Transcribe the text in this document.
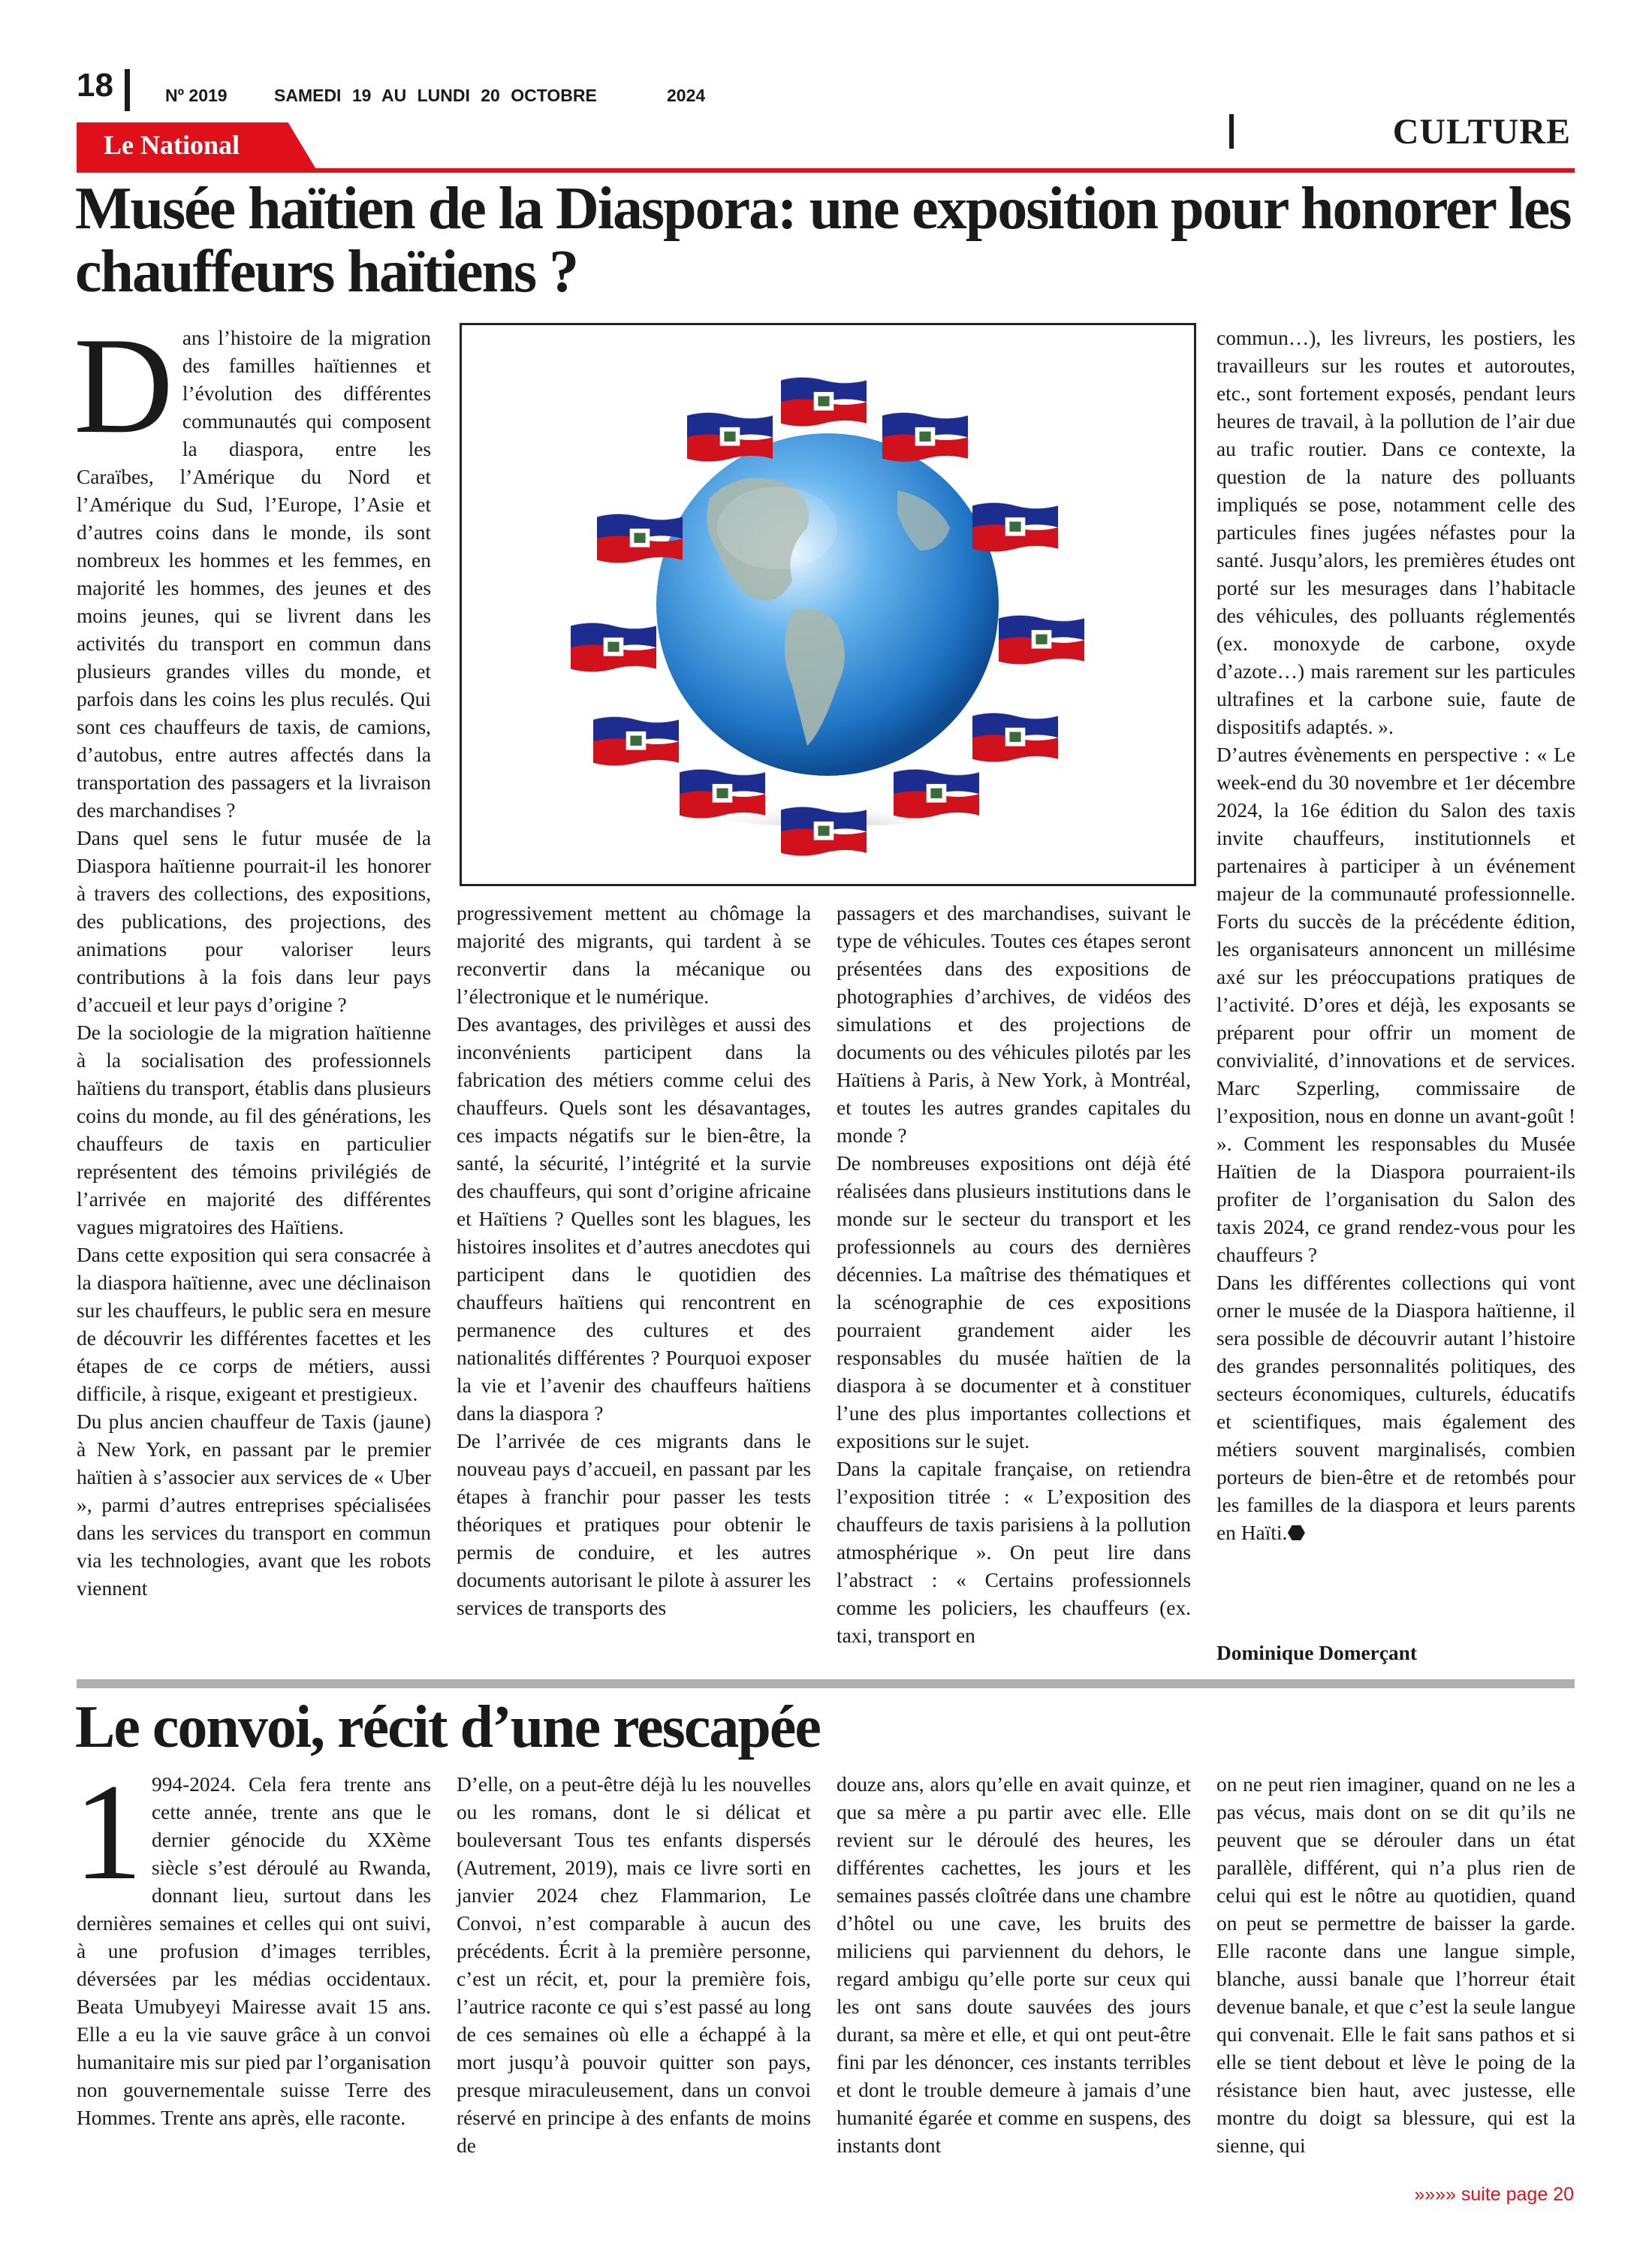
18	Nº 2019	SAMEDI 19 AU LUNDI 20 OCTOBRE	2024
CULTURE
Le National
Musée haïtien de la Diaspora: une exposition pour honorer les chauffeurs haïtiens ?
D ans l’histoire de la migration des familles haïtiennes et l’évolution des différentes communautés qui composent la diaspora, entre les Caraïbes, l’Amérique du Nord et l’Amérique du Sud, l’Europe, l’Asie et d’autres coins dans le monde, ils sont nombreux les hommes et les femmes, en majorité les hommes, des jeunes et des moins jeunes, qui se livrent dans les activités du transport en commun dans plusieurs grandes villes du monde, et parfois dans les coins les plus reculés. Qui sont ces chauffeurs de taxis, de camions, d’autobus, entre autres affectés dans la transportation des passagers et la livraison des marchandises ?

Dans quel sens le futur musée de la Diaspora haïtienne pourrait-il les honorer à travers des collections, des expositions, des publications, des projections, des animations pour valoriser leurs contributions à la fois dans leur pays d’accueil et leur pays d’origine ?

De la sociologie de la migration haïtienne à la socialisation des professionnels haïtiens du transport, établis dans plusieurs coins du monde, au fil des générations, les chauffeurs de taxis en particulier représentent des témoins privilégiés de l’arrivée en majorité des différentes vagues migratoires des Haïtiens.

Dans cette exposition qui sera consacrée à la diaspora haïtienne, avec une déclinaison sur les chauffeurs, le public sera en mesure de découvrir les différentes facettes et les étapes de ce corps de métiers, aussi difficile, à risque, exigeant et prestigieux.

Du plus ancien chauffeur de Taxis (jaune) à New York, en passant par le premier haïtien à s’associer aux services de « Uber », parmi d’autres entreprises spécialisées dans les services du transport en commun via les technologies, avant que les robots viennent

progressivement mettent au chômage la majorité des migrants, qui tardent à se reconvertir dans la mécanique ou l’électronique et le numérique.

Des avantages, des privilèges et aussi des inconvénients participent dans la fabrication des métiers comme celui des chauffeurs. Quels sont les désavantages, ces impacts négatifs sur le bien-être, la santé, la sécurité, l’intégrité et la survie des chauffeurs, qui sont d’origine africaine et Haïtiens ? Quelles sont les blagues, les histoires insolites et d’autres anecdotes qui participent dans le quotidien des chauffeurs haïtiens qui rencontrent en permanence des cultures et des nationalités différentes ? Pourquoi exposer la vie et l’avenir des chauffeurs haïtiens dans la diaspora ?

De l’arrivée de ces migrants dans le nouveau pays d’accueil, en passant par les étapes à franchir pour passer les tests théoriques et pratiques pour obtenir le permis de conduire, et les autres documents autorisant le pilote à assurer les services de transports des

passagers et des marchandises, suivant le type de véhicules. Toutes ces étapes seront présentées dans des expositions de photographies d’archives, de vidéos des simulations et des projections de documents ou des véhicules pilotés par les Haïtiens à Paris, à New York, à Montréal, et toutes les autres grandes capitales du monde ?

De nombreuses expositions ont déjà été réalisées dans plusieurs institutions dans le monde sur le secteur du transport et les professionnels au cours des dernières décennies. La maîtrise des thématiques et la scénographie de ces expositions pourraient grandement aider les responsables du musée haïtien de la diaspora à se documenter et à constituer l’une des plus importantes collections et expositions sur le sujet.

Dans la capitale française, on retiendra l’exposition titrée : « L’exposition des chauffeurs de taxis parisiens à la pollution atmosphérique ». On peut lire dans l’abstract : « Certains professionnels comme les policiers, les chauffeurs (ex. taxi, transport en

commun…), les livreurs, les postiers, les travailleurs sur les routes et autoroutes, etc., sont fortement exposés, pendant leurs heures de travail, à la pollution de l’air due au trafic routier. Dans ce contexte, la question de la nature des polluants impliqués se pose, notamment celle des particules fines jugées néfastes pour la santé. Jusqu’alors, les premières études ont porté sur les mesurages dans l’habitacle des véhicules, des polluants réglementés (ex. monoxyde de carbone, oxyde d’azote…) mais rarement sur les particules ultrafines et la carbone suie, faute de dispositifs adaptés. ».

D’autres évènements en perspective : « Le week-end du 30 novembre et 1er décembre 2024, la 16e édition du Salon des taxis invite chauffeurs, institutionnels et partenaires à participer à un événement majeur de la communauté professionnelle. Forts du succès de la précédente édition, les organisateurs annoncent un millésime axé sur les préoccupations pratiques de l’activité. D’ores et déjà, les exposants se préparent pour offrir un moment de convivialité, d’innovations et de services. Marc Szperling, commissaire de l’exposition, nous en donne un avant-goût ! ». Comment les responsables du Musée Haïtien de la Diaspora pourraient-ils profiter de l’organisation du Salon des taxis 2024, ce grand rendez-vous pour les chauffeurs ?

Dans les différentes collections qui vont orner le musée de la Diaspora haïtienne, il sera possible de découvrir autant l’histoire des grandes personnalités politiques, des secteurs économiques, culturels, éducatifs et scientifiques, mais également des métiers souvent marginalisés, combien porteurs de bien-être et de retombés pour les familles de la diaspora et leurs parents en Haïti.⬣

Dominique Domerçant
Le convoi, récit d’une rescapée
1 994-2024. Cela fera trente ans cette année, trente ans que le dernier génocide du XXème siècle s’est déroulé au Rwanda, donnant lieu, surtout dans les dernières semaines et celles qui ont suivi, à une profusion d’images terribles, déversées par les médias occidentaux. Beata Umubyeyi Mairesse avait 15 ans. Elle a eu la vie sauve grâce à un convoi humanitaire mis sur pied par l’organisation non gouvernementale suisse Terre des Hommes. Trente ans après, elle raconte.

D’elle, on a peut-être déjà lu les nouvelles ou les romans, dont le si délicat et bouleversant Tous tes enfants dispersés (Autrement, 2019), mais ce livre sorti en janvier 2024 chez Flammarion, Le Convoi, n’est comparable à aucun des précédents. Écrit à la première personne, c’est un récit, et, pour la première fois, l’autrice raconte ce qui s’est passé au long de ces semaines où elle a échappé à la mort jusqu’à pouvoir quitter son pays, presque miraculeusement, dans un convoi réservé en principe à des enfants de moins de

douze ans, alors qu’elle en avait quinze, et que sa mère a pu partir avec elle. Elle revient sur le déroulé des heures, les différentes cachettes, les jours et les semaines passés cloîtrée dans une chambre d’hôtel ou une cave, les bruits des miliciens qui parviennent du dehors, le regard ambigu qu’elle porte sur ceux qui les ont sans doute sauvées des jours durant, sa mère et elle, et qui ont peut-être fini par les dénoncer, ces instants terribles et dont le trouble demeure à jamais d’une humanité égarée et comme en suspens, des instants dont

on ne peut rien imaginer, quand on ne les a pas vécus, mais dont on se dit qu’ils ne peuvent que se dérouler dans un état parallèle, différent, qui n’a plus rien de celui qui est le nôtre au quotidien, quand on peut se permettre de baisser la garde. Elle raconte dans une langue simple, blanche, aussi banale que l’horreur était devenue banale, et que c’est la seule langue qui convenait. Elle le fait sans pathos et si elle se tient debout et lève le poing de la résistance bien haut, avec justesse, elle montre du doigt sa blessure, qui est la sienne, qui

»»»» suite page 20
